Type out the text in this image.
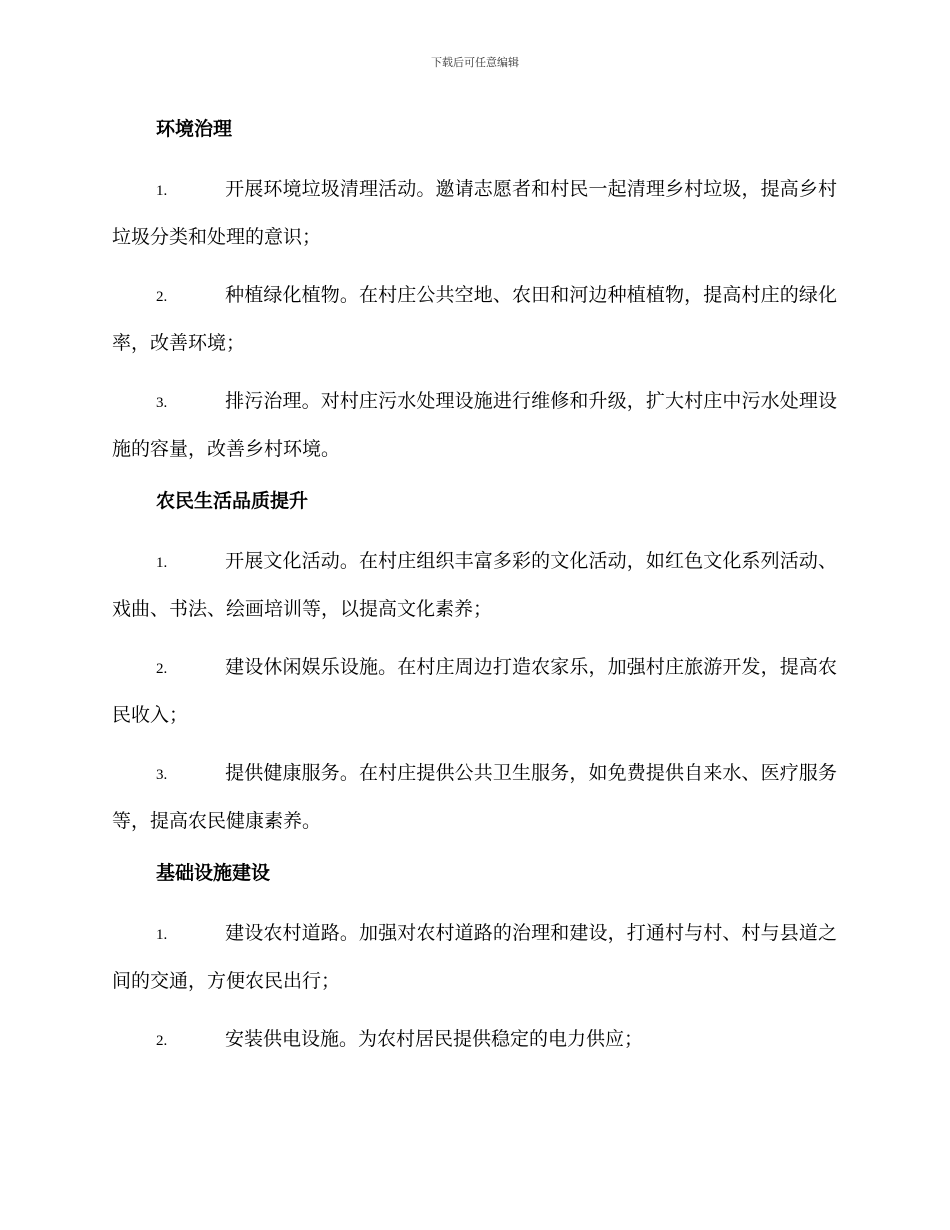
下载后可任意编辑
环境治理

1.	开展环境垃圾清理活动。邀请志愿者和村民一起清理乡村垃圾，提高乡村垃圾分类和处理的意识；

2.	种植绿化植物。在村庄公共空地、农田和河边种植植物，提高村庄的绿化率，改善环境；

3.	排污治理。对村庄污水处理设施进行维修和升级，扩大村庄中污水处理设施的容量，改善乡村环境。

农民生活品质提升

1.	开展文化活动。在村庄组织丰富多彩的文化活动，如红色文化系列活动、戏曲、书法、绘画培训等，以提高文化素养；

2.	建设休闲娱乐设施。在村庄周边打造农家乐，加强村庄旅游开发，提高农民收入；

3.	提供健康服务。在村庄提供公共卫生服务，如免费提供自来水、医疗服务等，提高农民健康素养。

基础设施建设

1.	建设农村道路。加强对农村道路的治理和建设，打通村与村、村与县道之间的交通，方便农民出行；

2.	安装供电设施。为农村居民提供稳定的电力供应；
